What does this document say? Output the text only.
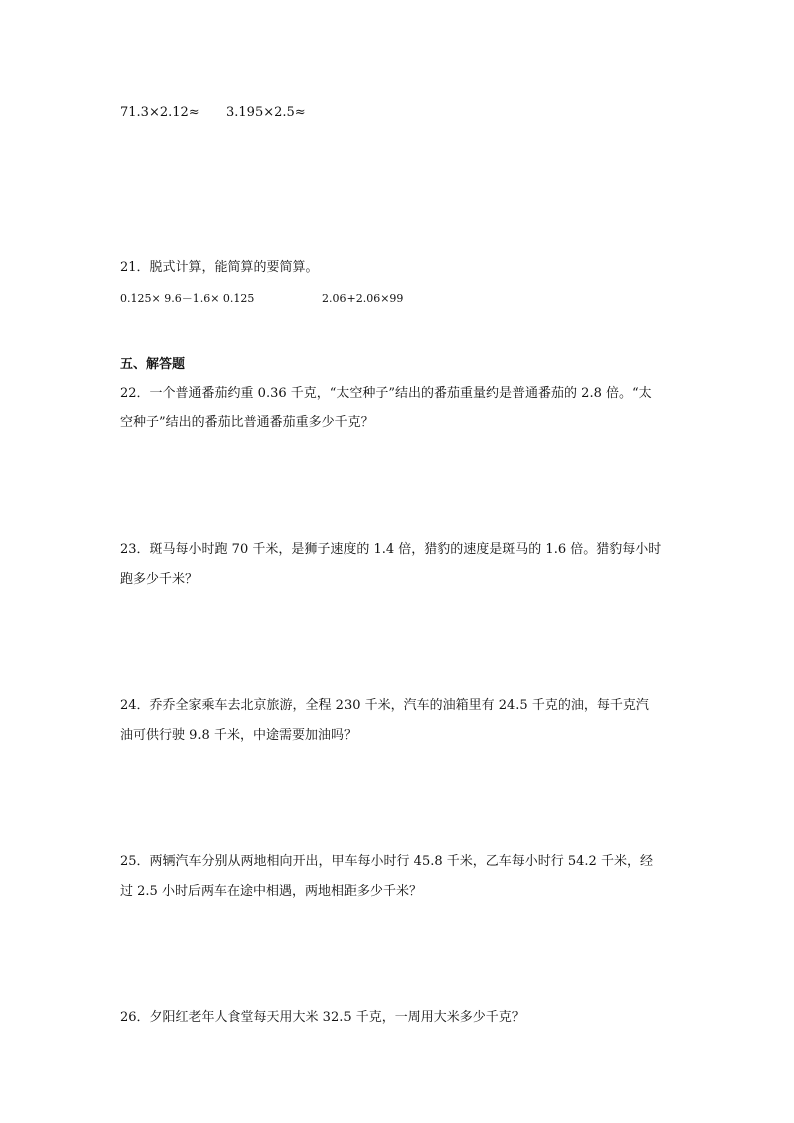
71.3×2.12≈ 3.195×2.5≈
21．脱式计算，能简算的要简算。
0.125× 9.6－1.6× 0.125	2.06+2.06×99
五、解答题
22．一个普通番茄约重 0.36 千克，“太空种子”结出的番茄重量约是普通番茄的 2.8 倍。“太
空种子”结出的番茄比普通番茄重多少千克？
23．斑马每小时跑 70 千米，是狮子速度的 1.4 倍，猎豹的速度是斑马的 1.6 倍。猎豹每小时
跑多少千米？
24．乔乔全家乘车去北京旅游，全程 230 千米，汽车的油箱里有 24.5 千克的油，每千克汽
油可供行驶 9.8 千米，中途需要加油吗？
25．两辆汽车分别从两地相向开出，甲车每小时行 45.8 千米，乙车每小时行 54.2 千米，经
过 2.5 小时后两车在途中相遇，两地相距多少千米？
26．夕阳红老年人食堂每天用大米 32.5 千克，一周用大米多少千克？
